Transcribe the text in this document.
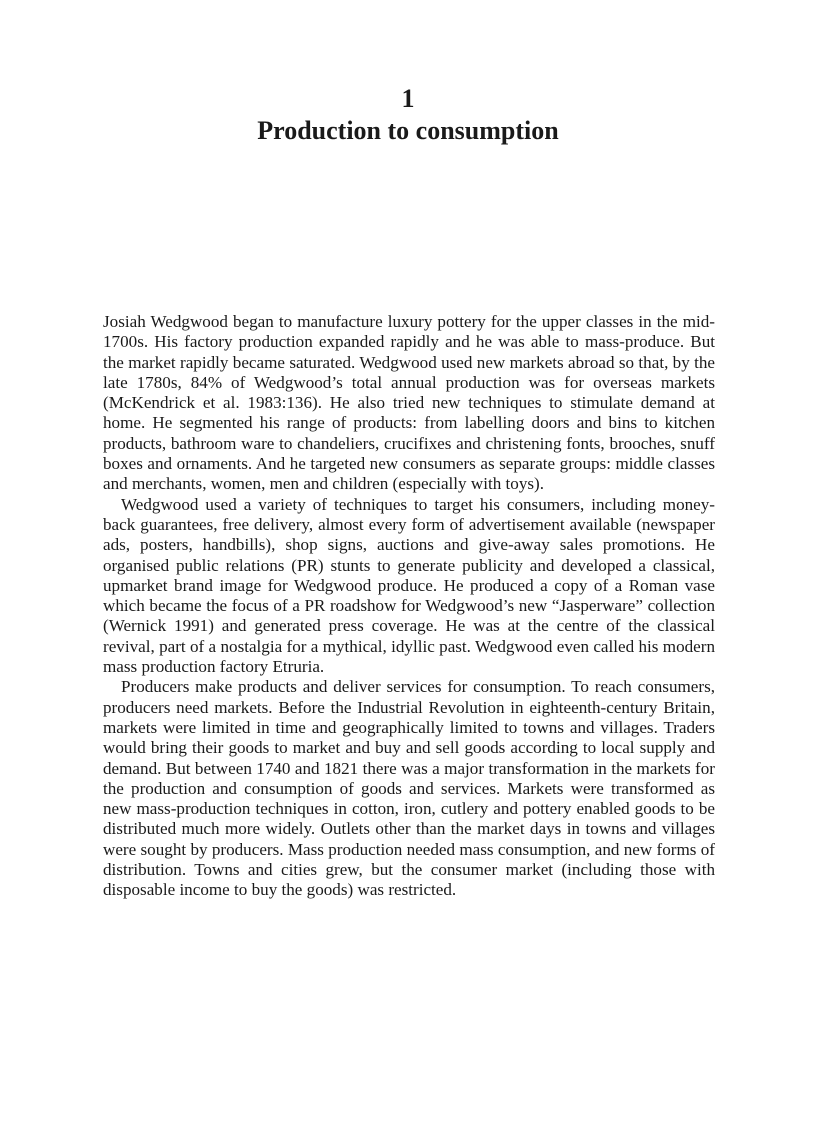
1
Production to consumption

Josiah Wedgwood began to manufacture luxury pottery for the upper classes in the mid-1700s. His factory production expanded rapidly and he was able to mass-produce. But the market rapidly became saturated. Wedgwood used new markets abroad so that, by the late 1780s, 84% of Wedgwood’s total annual production was for overseas markets (McKendrick et al. 1983:136). He also tried new techniques to stimulate demand at home. He segmented his range of products: from labelling doors and bins to kitchen products, bathroom ware to chandeliers, crucifixes and christening fonts, brooches, snuff boxes and ornaments. And he targeted new consumers as separate groups: middle classes and merchants, women, men and children (especially with toys).

Wedgwood used a variety of techniques to target his consumers, including money-back guarantees, free delivery, almost every form of advertisement available (newspaper ads, posters, handbills), shop signs, auctions and give-away sales promotions. He organised public relations (PR) stunts to generate publicity and developed a classical, upmarket brand image for Wedgwood produce. He produced a copy of a Roman vase which became the focus of a PR roadshow for Wedgwood’s new “Jasperware” collection (Wernick 1991) and generated press coverage. He was at the centre of the classical revival, part of a nostalgia for a mythical, idyllic past. Wedgwood even called his modern mass production factory Etruria.

Producers make products and deliver services for consumption. To reach consumers, producers need markets. Before the Industrial Revolution in eighteenth-century Britain, markets were limited in time and geographically limited to towns and villages. Traders would bring their goods to market and buy and sell goods according to local supply and demand. But between 1740 and 1821 there was a major transformation in the markets for the production and consumption of goods and services. Markets were transformed as new mass-production techniques in cotton, iron, cutlery and pottery enabled goods to be distributed much more widely. Outlets other than the market days in towns and villages were sought by producers. Mass production needed mass consumption, and new forms of distribution. Towns and cities grew, but the consumer market (including those with disposable income to buy the goods) was restricted.
